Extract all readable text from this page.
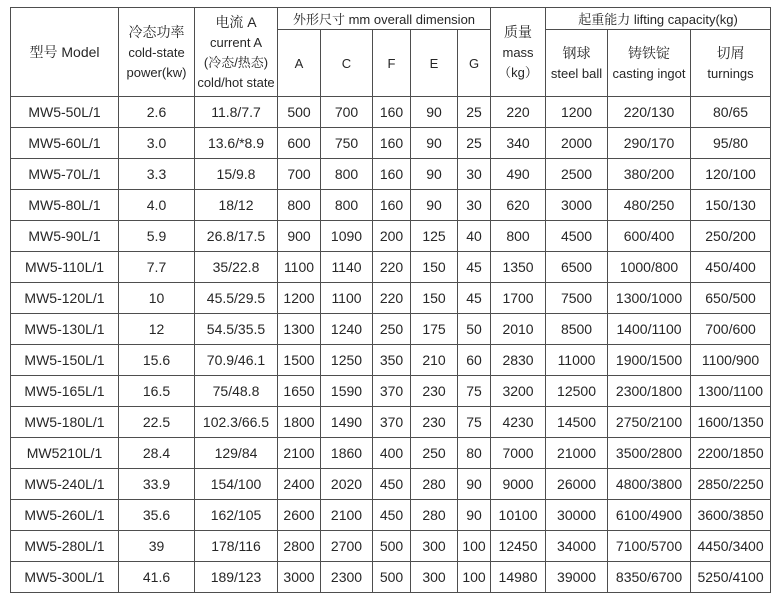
型号 Model

冷态功率
cold-state
power(kw)

电流 A
current A
(冷态/热态)
cold/hot state
	外形尺寸 mm overall dimension	
质量
mass
（kg）
	起重能力 lifting capacity(kg)
A	C	F	E	G	
钢球
steel ball

铸铁锭
casting ingot

切屑
turnings

MW5-50L/1	2.6	11.8/7.7	500	700	160	90	25	220	1200	220/130	80/65
MW5-60L/1	3.0	13.6/*8.9	600	750	160	90	25	340	2000	290/170	95/80
MW5-70L/1	3.3	15/9.8	700	800	160	90	30	490	2500	380/200	120/100
MW5-80L/1	4.0	18/12	800	800	160	90	30	620	3000	480/250	150/130
MW5-90L/1	5.9	26.8/17.5	900	1090	200	125	40	800	4500	600/400	250/200
MW5-110L/1	7.7	35/22.8	1100	1140	220	150	45	1350	6500	1000/800	450/400
MW5-120L/1	10	45.5/29.5	1200	1100	220	150	45	1700	7500	1300/1000	650/500
MW5-130L/1	12	54.5/35.5	1300	1240	250	175	50	2010	8500	1400/1100	700/600
MW5-150L/1	15.6	70.9/46.1	1500	1250	350	210	60	2830	11000	1900/1500	1100/900
MW5-165L/1	16.5	75/48.8	1650	1590	370	230	75	3200	12500	2300/1800	1300/1100
MW5-180L/1	22.5	102.3/66.5	1800	1490	370	230	75	4230	14500	2750/2100	1600/1350
MW5210L/1	28.4	129/84	2100	1860	400	250	80	7000	21000	3500/2800	2200/1850
MW5-240L/1	33.9	154/100	2400	2020	450	280	90	9000	26000	4800/3800	2850/2250
MW5-260L/1	35.6	162/105	2600	2100	450	280	90	10100	30000	6100/4900	3600/3850
MW5-280L/1	39	178/116	2800	2700	500	300	100	12450	34000	7100/5700	4450/3400
MW5-300L/1	41.6	189/123	3000	2300	500	300	100	14980	39000	8350/6700	5250/4100
